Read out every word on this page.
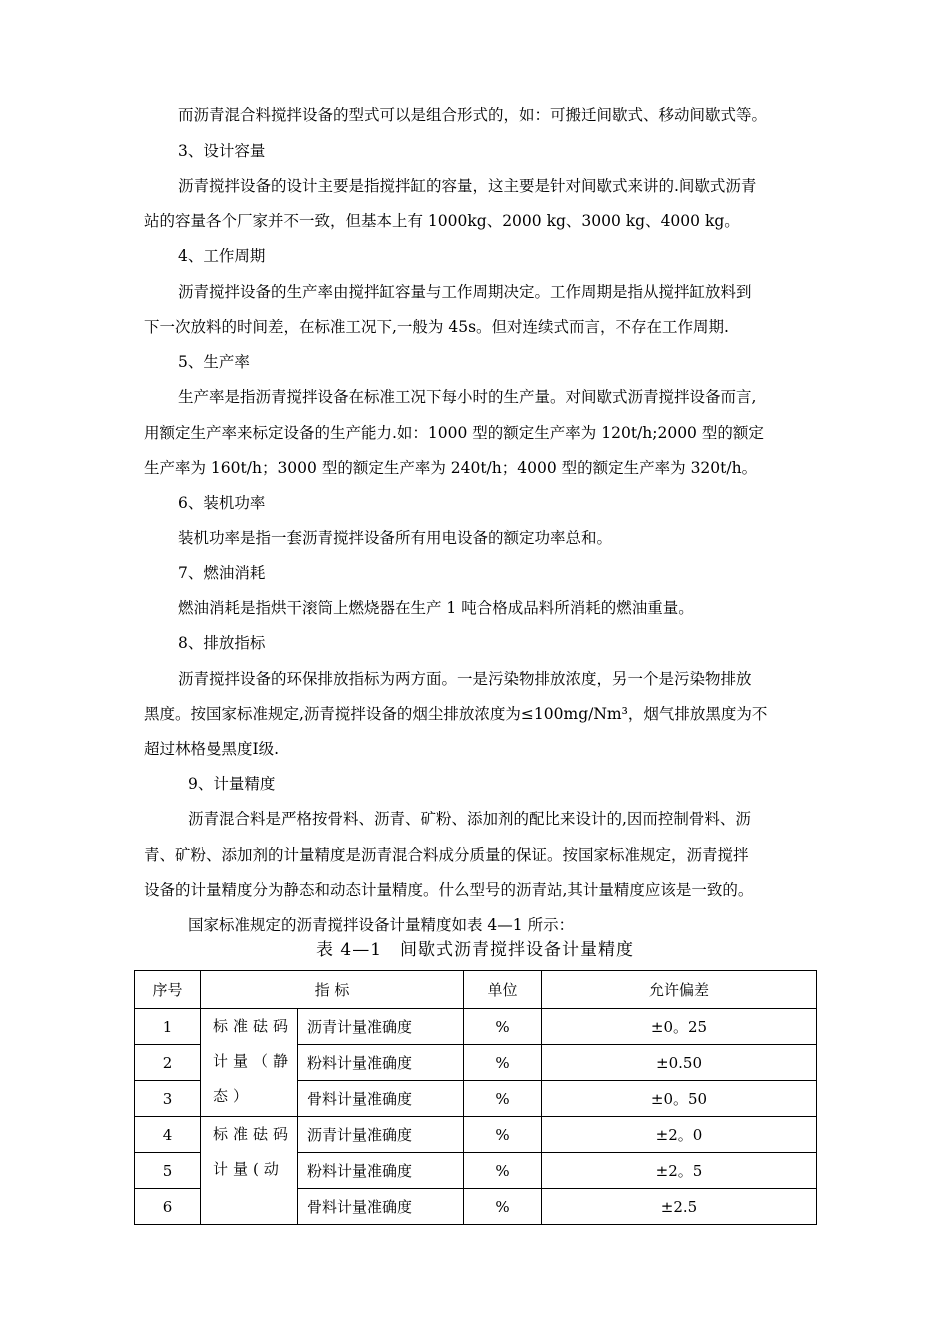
而沥青混合料搅拌设备的型式可以是组合形式的，如：可搬迁间歇式、移动间歇式等。

3、设计容量

沥青搅拌设备的设计主要是指搅拌缸的容量，这主要是针对间歇式来讲的.间歇式沥青

站的容量各个厂家并不一致，但基本上有 1000kg、2000 kg、3000 kg、4000 kg。

4、工作周期

沥青搅拌设备的生产率由搅拌缸容量与工作周期决定。工作周期是指从搅拌缸放料到

下一次放料的时间差，在标准工况下,一般为 45s。但对连续式而言，不存在工作周期.

5、生产率

生产率是指沥青搅拌设备在标准工况下每小时的生产量。对间歇式沥青搅拌设备而言,

用额定生产率来标定设备的生产能力.如：1000 型的额定生产率为 120t/h;2000 型的额定

生产率为 160t/h；3000 型的额定生产率为 240t/h；4000 型的额定生产率为 320t/h。

6、装机功率

装机功率是指一套沥青搅拌设备所有用电设备的额定功率总和。

7、燃油消耗

燃油消耗是指烘干滚筒上燃烧器在生产 1 吨合格成品料所消耗的燃油重量。

8、排放指标

沥青搅拌设备的环保排放指标为两方面。一是污染物排放浓度，另一个是污染物排放

黑度。按国家标准规定,沥青搅拌设备的烟尘排放浓度为≤100mg/Nm³，烟气排放黑度为不

超过林格曼黑度Ⅰ级.

9、计量精度

沥青混合料是严格按骨料、沥青、矿粉、添加剂的配比来设计的,因而控制骨料、沥

青、矿粉、添加剂的计量精度是沥青混合料成分质量的保证。按国家标准规定，沥青搅拌

设备的计量精度分为静态和动态计量精度。什么型号的沥青站,其计量精度应该是一致的。

国家标准规定的沥青搅拌设备计量精度如表 4—1 所示：

表 4—1　间歇式沥青搅拌设备计量精度

序号	指 标		单位	允许偏差
1	标准砝码计量（静态）	沥青计量准确度	%	±0。25
2		粉料计量准确度	%	±0.50
3		骨料计量准确度	%	±0。50
4	标准砝码计量(动	沥青计量准确度	%	±2。0
5		粉料计量准确度	%	±2。5
6		骨料计量准确度	%	±2.5
